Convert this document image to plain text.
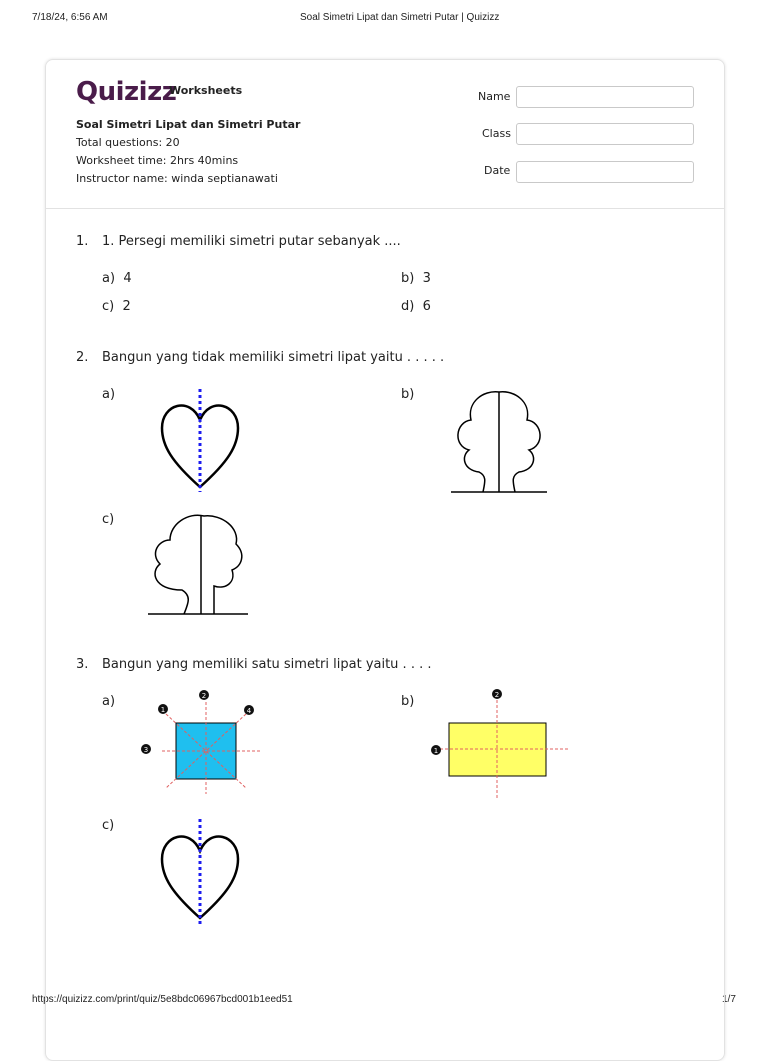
7/18/24, 6:56 AM	Soal Simetri Lipat dan Simetri Putar | Quizizz
https://quizizz.com/print/quiz/5e8bdc06967bcd001b1eed51	1/7
Quizizz
Worksheets
Soal Simetri Lipat dan Simetri Putar
Total questions: 20
Worksheet time: 2hrs 40mins
Instructor name: winda septianawati
Name
Class
Date
1. 1. Persegi memiliki simetri putar sebanyak ....
a) 4	b) 3
c) 2	d) 6
2. Bangun yang tidak memiliki simetri lipat yaitu . . . . .
a)	b)
c)
3. Bangun yang memiliki satu simetri lipat yaitu . . . .
a)
1
2
3
4
b)
1
2
c)
